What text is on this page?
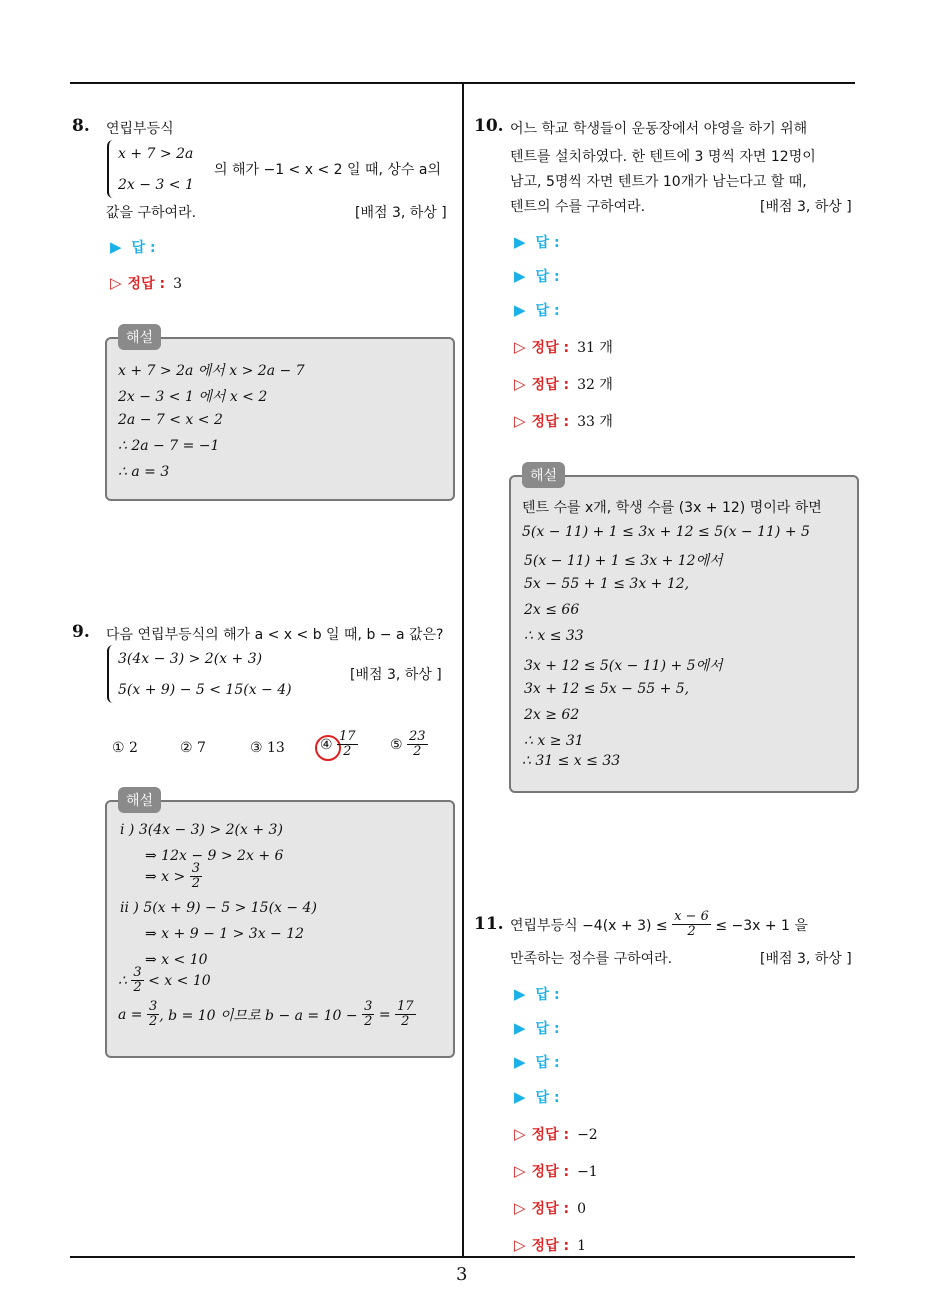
3
8. 연립부등식
x + 7 > 2a
2x − 3 < 1
의 해가 −1 < x < 2 일 때, 상수 a의
값을 구하여라.	[배점 3, 하상 ]
▶ 답 :
▷ 정답 : 3
해설
x + 7 > 2a 에서 x > 2a − 7
2x − 3 < 1 에서 x < 2
2a − 7 < x < 2
∴ 2a − 7 = −1
∴ a = 3
9. 다음 연립부등식의 해가 a < x < b 일 때, b − a 값은?
3(4x − 3) > 2(x + 3)
5(x + 9) − 5 < 15(x − 4)
[배점 3, 하상 ]
① 2	② 7	③ 13	④ $\frac{17}{2}$ ⑤ $\frac{23}{2}$
해설
i ) 3(4x − 3) > 2(x + 3)
⇒ 12x − 9 > 2x + 6
⇒ $x > \frac{3}{2}$
ii ) 5(x + 9) − 5 > 15(x − 4)
⇒ x + 9 − 1 > 3x − 12
⇒ x < 10
∴ $\frac{3}{2} < x < 10$
$a = \frac{3}{2}$ , b = 10 이므로 $b - a = 10 - \frac{3}{2} = \frac{17}{2}$
10. 어느 학교 학생들이 운동장에서 야영을 하기 위해
텐트를 설치하였다. 한 텐트에 3 명씩 자면 12명이
남고, 5명씩 자면 텐트가 10개가 남는다고 할 때,
텐트의 수를 구하여라.	[배점 3, 하상 ]
▶ 답 :
▶ 답 :
▶ 답 :
▷ 정답 : 31 개
▷ 정답 : 32 개
▷ 정답 : 33 개
해설
텐트 수를 x개, 학생 수를 (3x + 12) 명이라 하면
5(x − 11) + 1 ≤ 3x + 12 ≤ 5(x − 11) + 5
5(x − 11) + 1 ≤ 3x + 12에서
5x − 55 + 1 ≤ 3x + 12,
2x ≤ 66
∴ x ≤ 33
3x + 12 ≤ 5(x − 11) + 5에서
3x + 12 ≤ 5x − 55 + 5,
2x ≥ 62
∴ x ≥ 31
∴ 31 ≤ x ≤ 33
11. 연립부등식 $-4(x + 3) \le \frac{x - 6}{2} \le -3x + 1$ 을
만족하는 정수를 구하여라.	[배점 3, 하상 ]
▶ 답 :
▶ 답 :
▶ 답 :
▶ 답 :
▷ 정답 : −2
▷ 정답 : −1
▷ 정답 : 0
▷ 정답 : 1
